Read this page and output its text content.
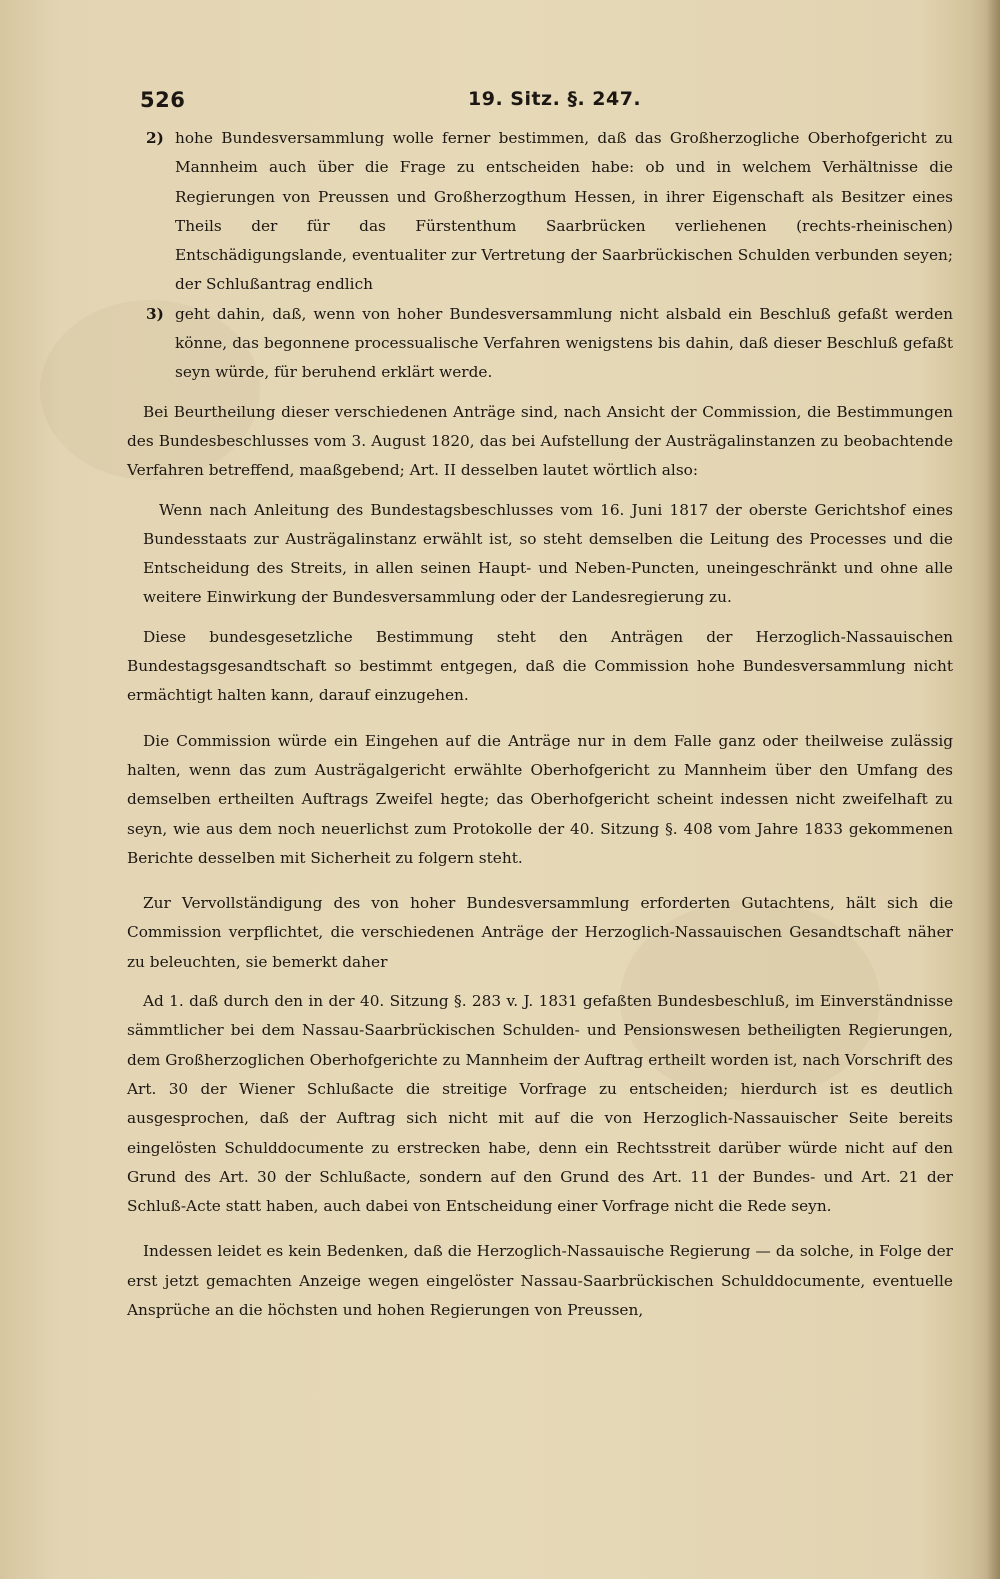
526	19. Sitz. §. 247.
2) hohe Bundesversammlung wolle ferner bestimmen, daß das Großherzogliche Oberhofgericht zu Mannheim auch über die Frage zu entscheiden habe: ob und in welchem Verhältnisse die Regierungen von Preussen und Großherzogthum Hessen, in ihrer Eigenschaft als Besitzer eines Theils der für das Fürstenthum Saarbrücken verliehenen (rechts-rheinischen) Entschädigungslande, eventualiter zur Vertretung der Saarbrückischen Schulden verbunden seyen; der Schlußantrag endlich

3) geht dahin, daß, wenn von hoher Bundesversammlung nicht alsbald ein Beschluß gefaßt werden könne, das begonnene processualische Verfahren wenigstens bis dahin, daß dieser Beschluß gefaßt seyn würde, für beruhend erklärt werde.

Bei Beurtheilung dieser verschiedenen Anträge sind, nach Ansicht der Commission, die Bestimmungen des Bundesbeschlusses vom 3. August 1820, das bei Aufstellung der Austrägalinstanzen zu beobachtende Verfahren betreffend, maaßgebend; Art. II desselben lautet wörtlich also:

Wenn nach Anleitung des Bundestagsbeschlusses vom 16. Juni 1817 der oberste Gerichtshof eines Bundesstaats zur Austrägalinstanz erwählt ist, so steht demselben die Leitung des Processes und die Entscheidung des Streits, in allen seinen Haupt- und Neben-Puncten, uneingeschränkt und ohne alle weitere Einwirkung der Bundesversammlung oder der Landesregierung zu.

Diese bundesgesetzliche Bestimmung steht den Anträgen der Herzoglich-Nassauischen Bundestagsgesandtschaft so bestimmt entgegen, daß die Commission hohe Bundesversammlung nicht ermächtigt halten kann, darauf einzugehen.

Die Commission würde ein Eingehen auf die Anträge nur in dem Falle ganz oder theilweise zulässig halten, wenn das zum Austrägalgericht erwählte Oberhofgericht zu Mannheim über den Umfang des demselben ertheilten Auftrags Zweifel hegte; das Oberhofgericht scheint indessen nicht zweifelhaft zu seyn, wie aus dem noch neuerlichst zum Protokolle der 40. Sitzung §. 408 vom Jahre 1833 gekommenen Berichte desselben mit Sicherheit zu folgern steht.

Zur Vervollständigung des von hoher Bundesversammlung erforderten Gutachtens, hält sich die Commission verpflichtet, die verschiedenen Anträge der Herzoglich-Nassauischen Gesandtschaft näher zu beleuchten, sie bemerkt daher

Ad 1. daß durch den in der 40. Sitzung §. 283 v. J. 1831 gefaßten Bundesbeschluß, im Einverständnisse sämmtlicher bei dem Nassau-Saarbrückischen Schulden- und Pensionswesen betheiligten Regierungen, dem Großherzoglichen Oberhofgerichte zu Mannheim der Auftrag ertheilt worden ist, nach Vorschrift des Art. 30 der Wiener Schlußacte die streitige Vorfrage zu entscheiden; hierdurch ist es deutlich ausgesprochen, daß der Auftrag sich nicht mit auf die von Herzoglich-Nassauischer Seite bereits eingelösten Schulddocumente zu erstrecken habe, denn ein Rechtsstreit darüber würde nicht auf den Grund des Art. 30 der Schlußacte, sondern auf den Grund des Art. 11 der Bundes- und Art. 21 der Schluß-Acte statt haben, auch dabei von Entscheidung einer Vorfrage nicht die Rede seyn.

Indessen leidet es kein Bedenken, daß die Herzoglich-Nassauische Regierung — da solche, in Folge der erst jetzt gemachten Anzeige wegen eingelöster Nassau-Saarbrückischen Schulddocumente, eventuelle Ansprüche an die höchsten und hohen Regierungen von Preussen,
